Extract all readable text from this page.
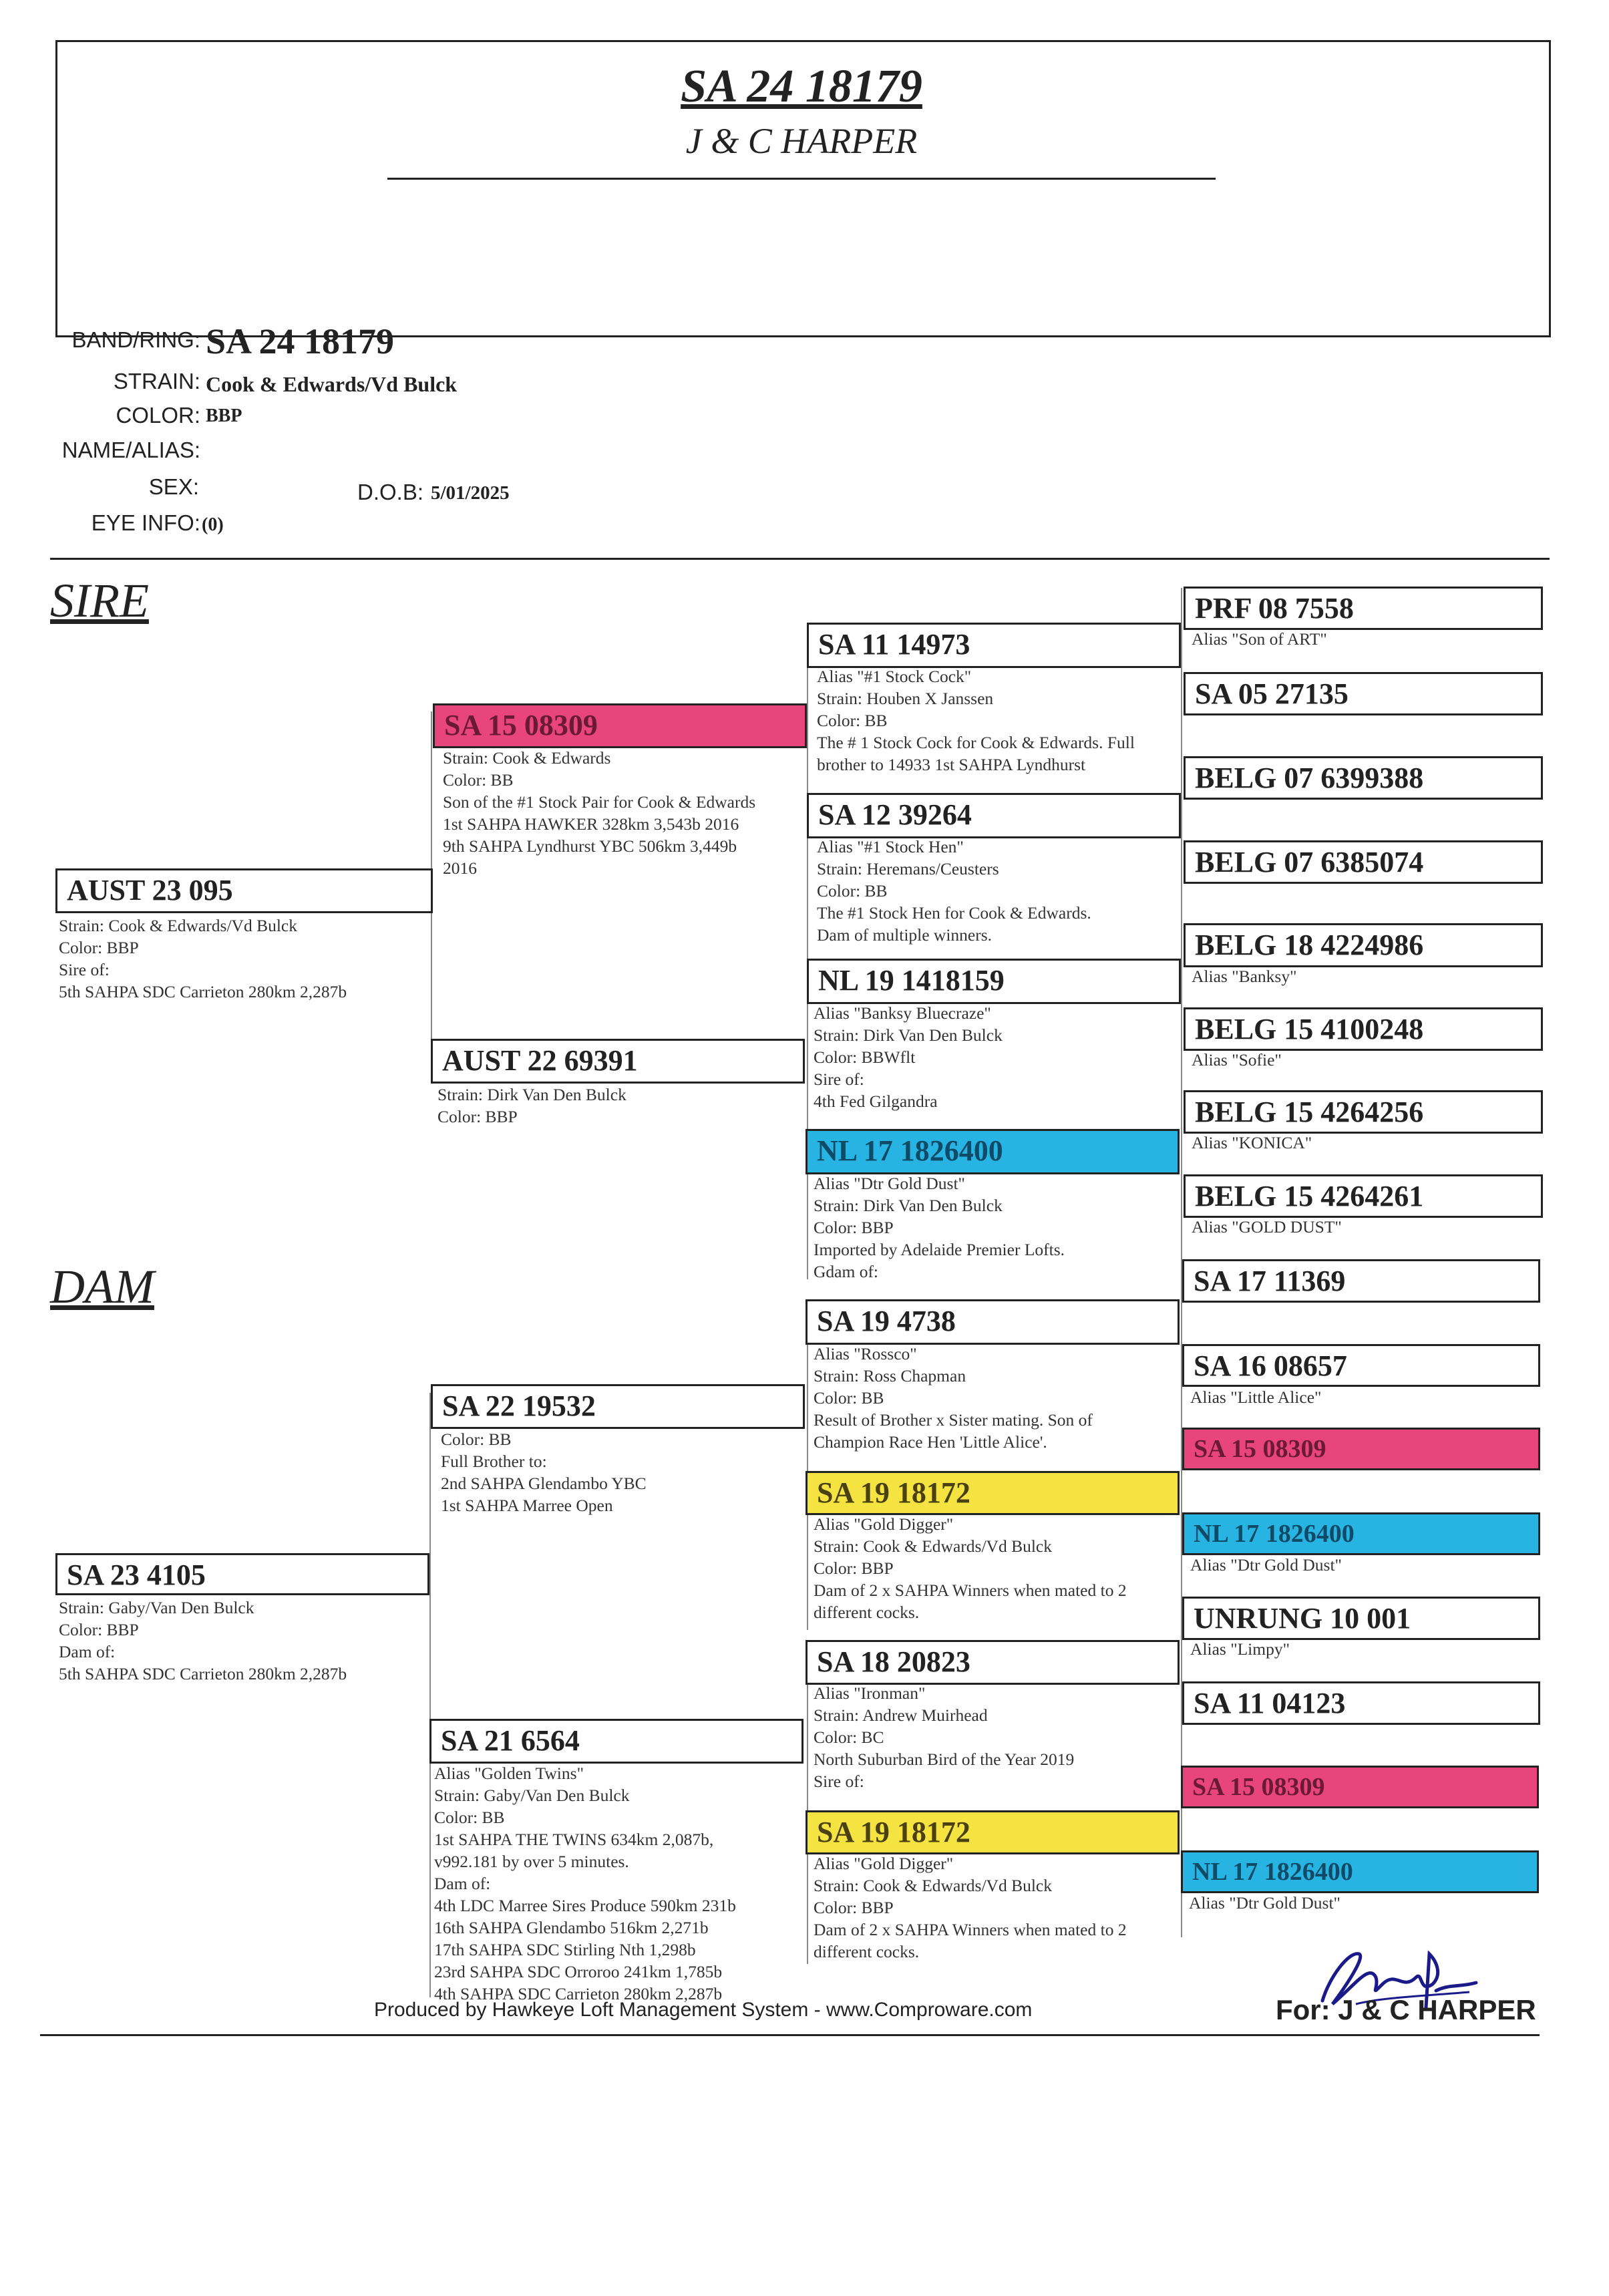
SA 24 18179
J & C HARPER
BAND/RING: SA 24 18179
STRAIN: Cook & Edwards/Vd Bulck
COLOR: BBP
NAME/ALIAS:
SEX:	D.O.B: 5/01/2025
EYE INFO: (0)
SIRE
DAM
AUST 23 095
Strain: Cook & Edwards/Vd Bulck
Color: BBP
Sire of:
5th SAHPA SDC Carrieton 280km 2,287b
SA 23 4105
Strain: Gaby/Van Den Bulck
Color: BBP
Dam of:
5th SAHPA SDC Carrieton 280km 2,287b
SA 15 08309
Strain: Cook & Edwards
Color: BB
Son of the #1 Stock Pair for Cook & Edwards
1st SAHPA HAWKER 328km 3,543b 2016
9th SAHPA Lyndhurst YBC 506km 3,449b
2016
AUST 22 69391
Strain: Dirk Van Den Bulck
Color: BBP
SA 22 19532
Color: BB
Full Brother to:
2nd SAHPA Glendambo YBC
1st SAHPA Marree Open
SA 21 6564
Alias "Golden Twins"
Strain: Gaby/Van Den Bulck
Color: BB
1st SAHPA THE TWINS 634km 2,087b,
v992.181 by over 5 minutes.
Dam of:
4th LDC Marree Sires Produce 590km 231b
16th SAHPA Glendambo 516km 2,271b
17th SAHPA SDC Stirling Nth 1,298b
23rd SAHPA SDC Orroroo 241km 1,785b
4th SAHPA SDC Carrieton 280km 2,287b
SA 11 14973
Alias "#1 Stock Cock"
Strain: Houben X Janssen
Color: BB
The # 1 Stock Cock for Cook & Edwards. Full
brother to 14933 1st SAHPA Lyndhurst
SA 12 39264
Alias "#1 Stock Hen"
Strain: Heremans/Ceusters
Color: BB
The #1 Stock Hen for Cook & Edwards.
Dam of multiple winners.
NL 19 1418159
Alias "Banksy Bluecraze"
Strain: Dirk Van Den Bulck
Color: BBWflt
Sire of:
4th Fed Gilgandra
NL 17 1826400
Alias "Dtr Gold Dust"
Strain: Dirk Van Den Bulck
Color: BBP
Imported by Adelaide Premier Lofts.
Gdam of:
SA 19 4738
Alias "Rossco"
Strain: Ross Chapman
Color: BB
Result of Brother x Sister mating. Son of
Champion Race Hen 'Little Alice'.
SA 19 18172
Alias "Gold Digger"
Strain: Cook & Edwards/Vd Bulck
Color: BBP
Dam of 2 x SAHPA Winners when mated to 2
different cocks.
SA 18 20823
Alias "Ironman"
Strain: Andrew Muirhead
Color: BC
North Suburban Bird of the Year 2019
Sire of:
SA 19 18172
Alias "Gold Digger"
Strain: Cook & Edwards/Vd Bulck
Color: BBP
Dam of 2 x SAHPA Winners when mated to 2
different cocks.
PRF 08 7558
Alias "Son of ART"
SA 05 27135
BELG 07 6399388
BELG 07 6385074
BELG 18 4224986
Alias "Banksy"
BELG 15 4100248
Alias "Sofie"
BELG 15 4264256
Alias "KONICA"
BELG 15 4264261
Alias "GOLD DUST"
SA 17 11369
SA 16 08657
Alias "Little Alice"
SA 15 08309
NL 17 1826400
Alias "Dtr Gold Dust"
UNRUNG 10 001
Alias "Limpy"
SA 11 04123
SA 15 08309
NL 17 1826400
Alias "Dtr Gold Dust"
Produced by Hawkeye Loft Management System - www.Comproware.com	For: J & C HARPER
